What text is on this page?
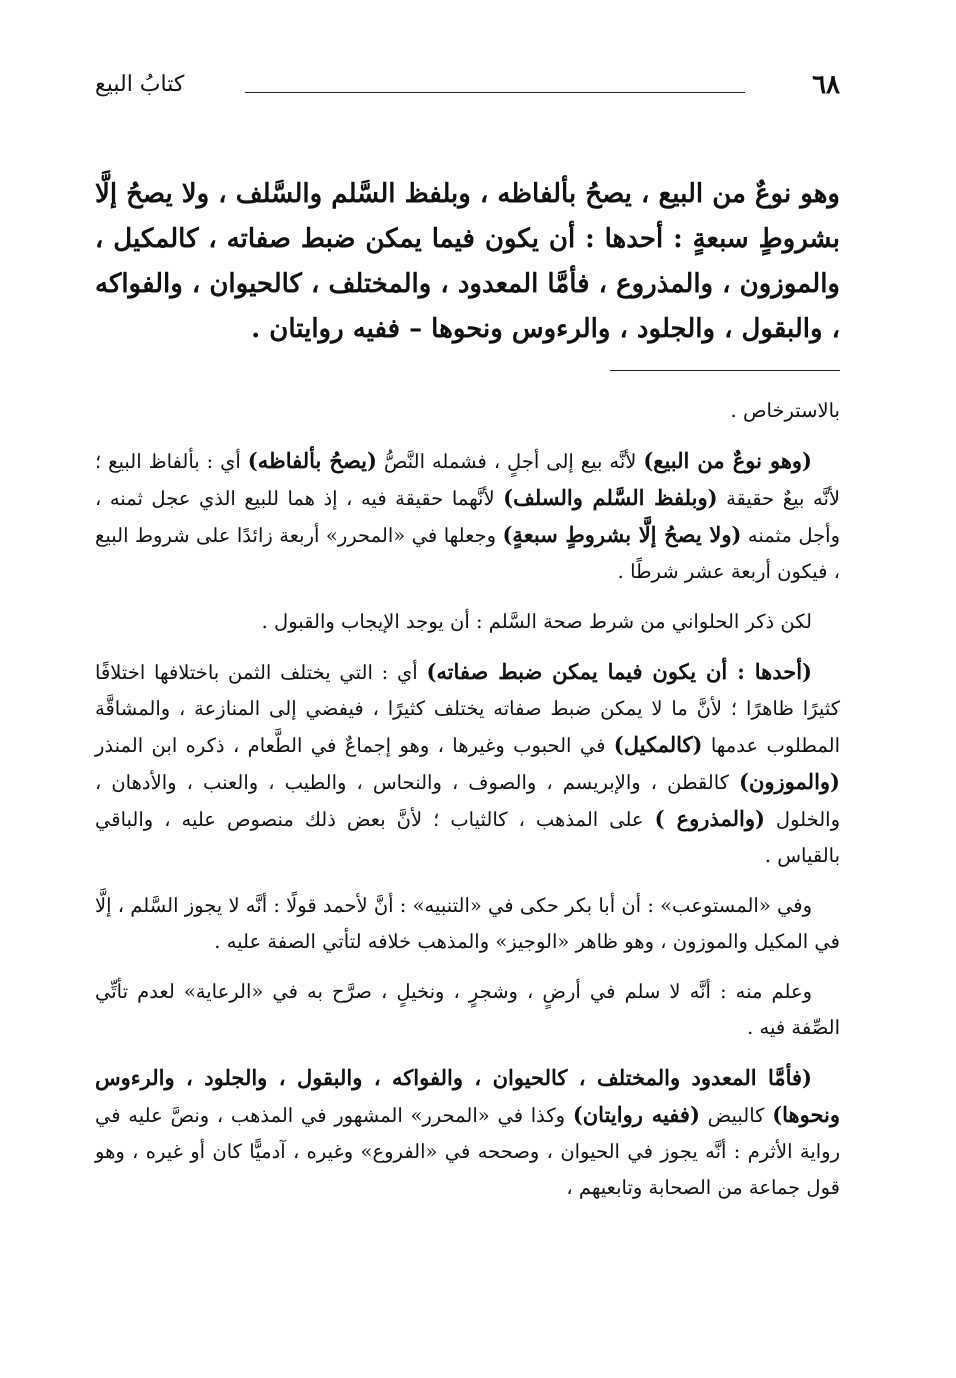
٦٨
كتابُ البيع
وهو نوعٌ من البيع ، يصحُ بألفاظه ، وبلفظ السَّلم والسَّلف ، ولا يصحُ إلَّا بشروطٍ سبعةٍ : أحدها : أن يكون فيما يمكن ضبط صفاته ، كالمكيل ، والموزون ، والمذروع ، فأمَّا المعدود ، والمختلف ، كالحيوان ، والفواكه ، والبقول ، والجلود ، والرءوس ونحوها – ففيه روايتان .

بالاسترخاص .

(وهو نوعٌ من البيع) لأنَّه بيع إلى أجلٍ ، فشمله النَّصُّ (يصحُ بألفاظه) أي : بألفاظ البيع ؛ لأنَّه بيعٌ حقيقة (وبلفظ السَّلم والسلف) لأنَّهما حقيقة فيه ، إذ هما للبيع الذي عجل ثمنه ، وأجل مثمنه (ولا يصحُ إلَّا بشروطٍ سبعةٍ) وجعلها في «المحرر» أربعة زائدًا على شروط البيع ، فيكون أربعة عشر شرطًا .

لكن ذكر الحلواني من شرط صحة السَّلم : أن يوجد الإيجاب والقبول .

(أحدها : أن يكون فيما يمكن ضبط صفاته) أي : التي يختلف الثمن باختلافها اختلافًا كثيرًا ظاهرًا ؛ لأنَّ ما لا يمكن ضبط صفاته يختلف كثيرًا ، فيفضي إلى المنازعة ، والمشاقَّة المطلوب عدمها (كالمكيل) في الحبوب وغيرها ، وهو إجماعٌ في الطَّعام ، ذكره ابن المنذر (والموزون) كالقطن ، والإبريسم ، والصوف ، والنحاس ، والطيب ، والعنب ، والأدهان ، والخلول (والمذروع ) على المذهب ، كالثياب ؛ لأنَّ بعض ذلك منصوص عليه ، والباقي بالقياس .

وفي «المستوعب» : أن أبا بكر حكى في «التنبيه» : أنَّ لأحمد قولًا : أنَّه لا يجوز السَّلم ، إلَّا في المكيل والموزون ، وهو ظاهر «الوجيز» والمذهب خلافه لتأتي الصفة عليه .

وعلم منه : أنَّه لا سلم في أرضٍ ، وشجرٍ ، ونخيلٍ ، صرَّح به في «الرعاية» لعدم تأتِّي الصِّفة فيه .

(فأمَّا المعدود والمختلف ، كالحيوان ، والفواكه ، والبقول ، والجلود ، والرءوس ونحوها) كالبيض (ففيه روايتان) وكذا في «المحرر» المشهور في المذهب ، ونصَّ عليه في رواية الأثرم : أنَّه يجوز في الحيوان ، وصححه في «الفروع» وغيره ، آدميًّا كان أو غيره ، وهو قول جماعة من الصحابة وتابعيهم ،
